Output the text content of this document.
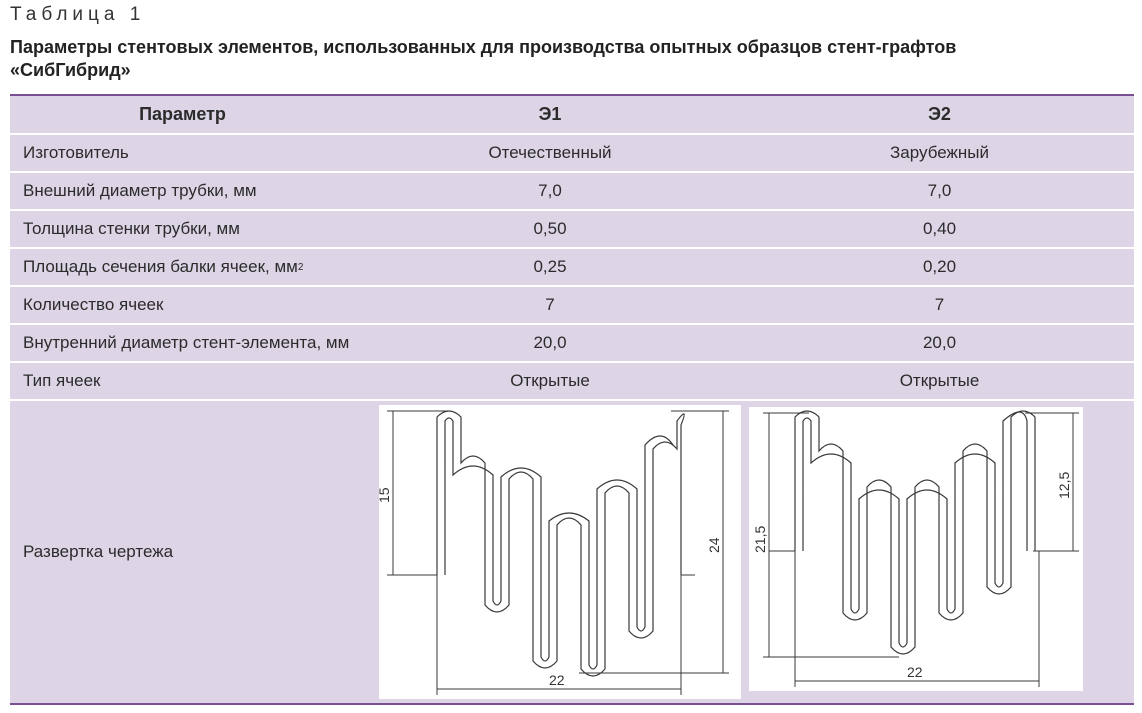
Таблица 1
Параметры стентовых элементов, использованных для производства опытных образцов стент-графтов «СибГибрид»
Параметр	Э1	Э2
Изготовитель	Отечественный	Зарубежный
Внешний диаметр трубки, мм	7,0	7,0
Толщина стенки трубки, мм	0,50	0,40
Площадь сечения балки ячеек, мм 2	0,25	0,20
Количество ячеек	7	7
Внутренний диаметр стент-элемента, мм	20,0	20,0
Тип ячеек	Открытые	Открытые
Развертка чертежа
15
24
22
21,5
12,5
22
